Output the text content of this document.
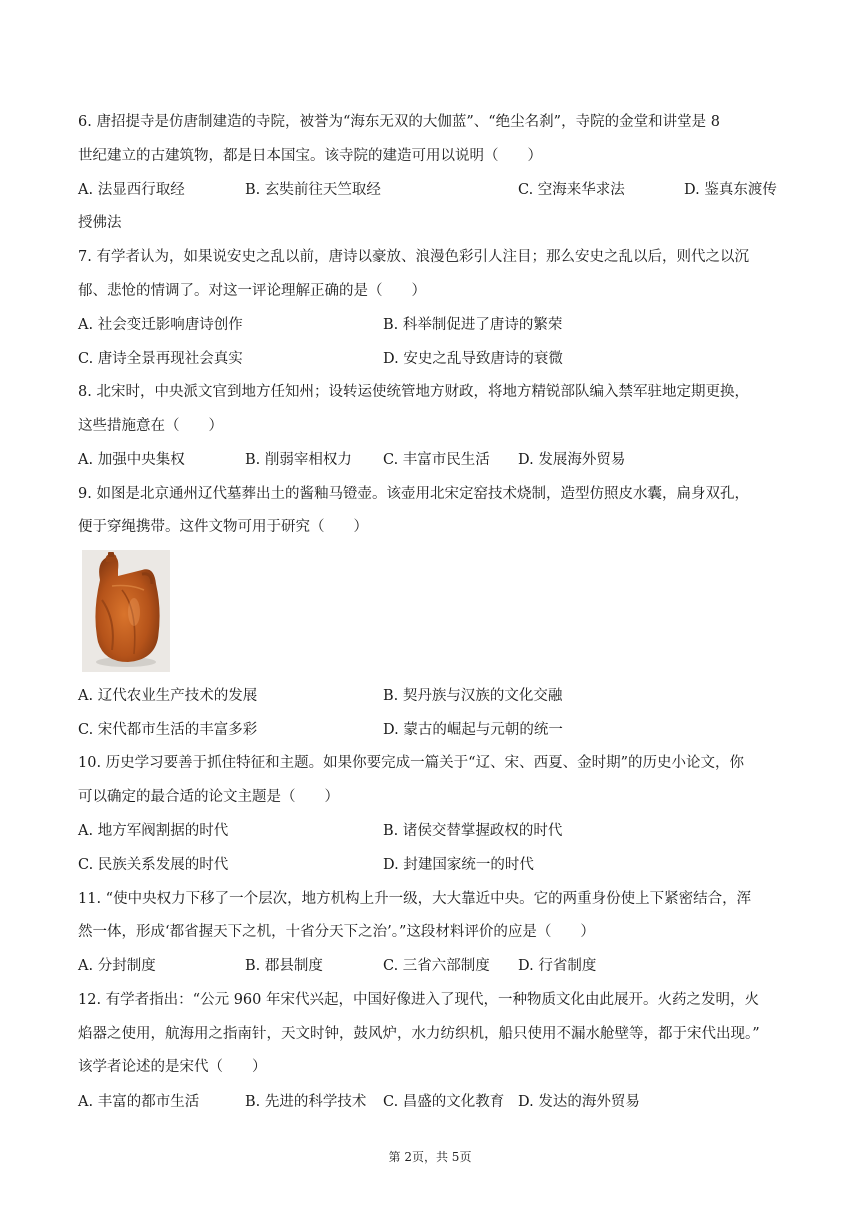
6. 唐招提寺是仿唐制建造的寺院，被誉为“海东无双的大伽蓝”、“绝尘名刹”，寺院的金堂和讲堂是 8
世纪建立的古建筑物，都是日本国宝。该寺院的建造可用以说明（　　）
A. 法显西行取经	B. 玄奘前往天竺取经	C. 空海来华求法	D. 鉴真东渡传
授佛法
7. 有学者认为，如果说安史之乱以前，唐诗以豪放、浪漫色彩引人注目；那么安史之乱以后，则代之以沉
郁、悲怆的情调了。对这一评论理解正确的是（　　）
A. 社会变迁影响唐诗创作	B. 科举制促进了唐诗的繁荣
C. 唐诗全景再现社会真实	D. 安史之乱导致唐诗的衰微
8. 北宋时，中央派文官到地方任知州；设转运使统管地方财政，将地方精锐部队编入禁军驻地定期更换，
这些措施意在（　　）
A. 加强中央集权	B. 削弱宰相权力 C. 丰富市民生活 D. 发展海外贸易
9. 如图是北京通州辽代墓葬出土的酱釉马镫壶。该壶用北宋定窑技术烧制，造型仿照皮水囊，扁身双孔，
便于穿绳携带。这件文物可用于研究（　　）
A. 辽代农业生产技术的发展	B. 契丹族与汉族的文化交融
C. 宋代都市生活的丰富多彩	D. 蒙古的崛起与元朝的统一
10. 历史学习要善于抓住特征和主题。如果你要完成一篇关于“辽、宋、西夏、金时期”的历史小论文，你
可以确定的最合适的论文主题是（　　）
A. 地方军阀割据的时代	B. 诸侯交替掌握政权的时代
C. 民族关系发展的时代	D. 封建国家统一的时代
11. “使中央权力下移了一个层次，地方机构上升一级，大大靠近中央。它的两重身份使上下紧密结合，浑
然一体，形成‘都省握天下之机，十省分天下之治’。”这段材料评价的应是（　　）
A. 分封制度	B. 郡县制度	C. 三省六部制度 D. 行省制度
12. 有学者指出：“公元 960 年宋代兴起，中国好像进入了现代，一种物质文化由此展开。火药之发明，火
焰器之使用，航海用之指南针，天文时钟，鼓风炉，水力纺织机，船只使用不漏水舱壁等，都于宋代出现。”
该学者论述的是宋代（　　）
A. 丰富的都市生活	B. 先进的科学技术 C. 昌盛的文化教育 D. 发达的海外贸易
第 2页，共 5页
